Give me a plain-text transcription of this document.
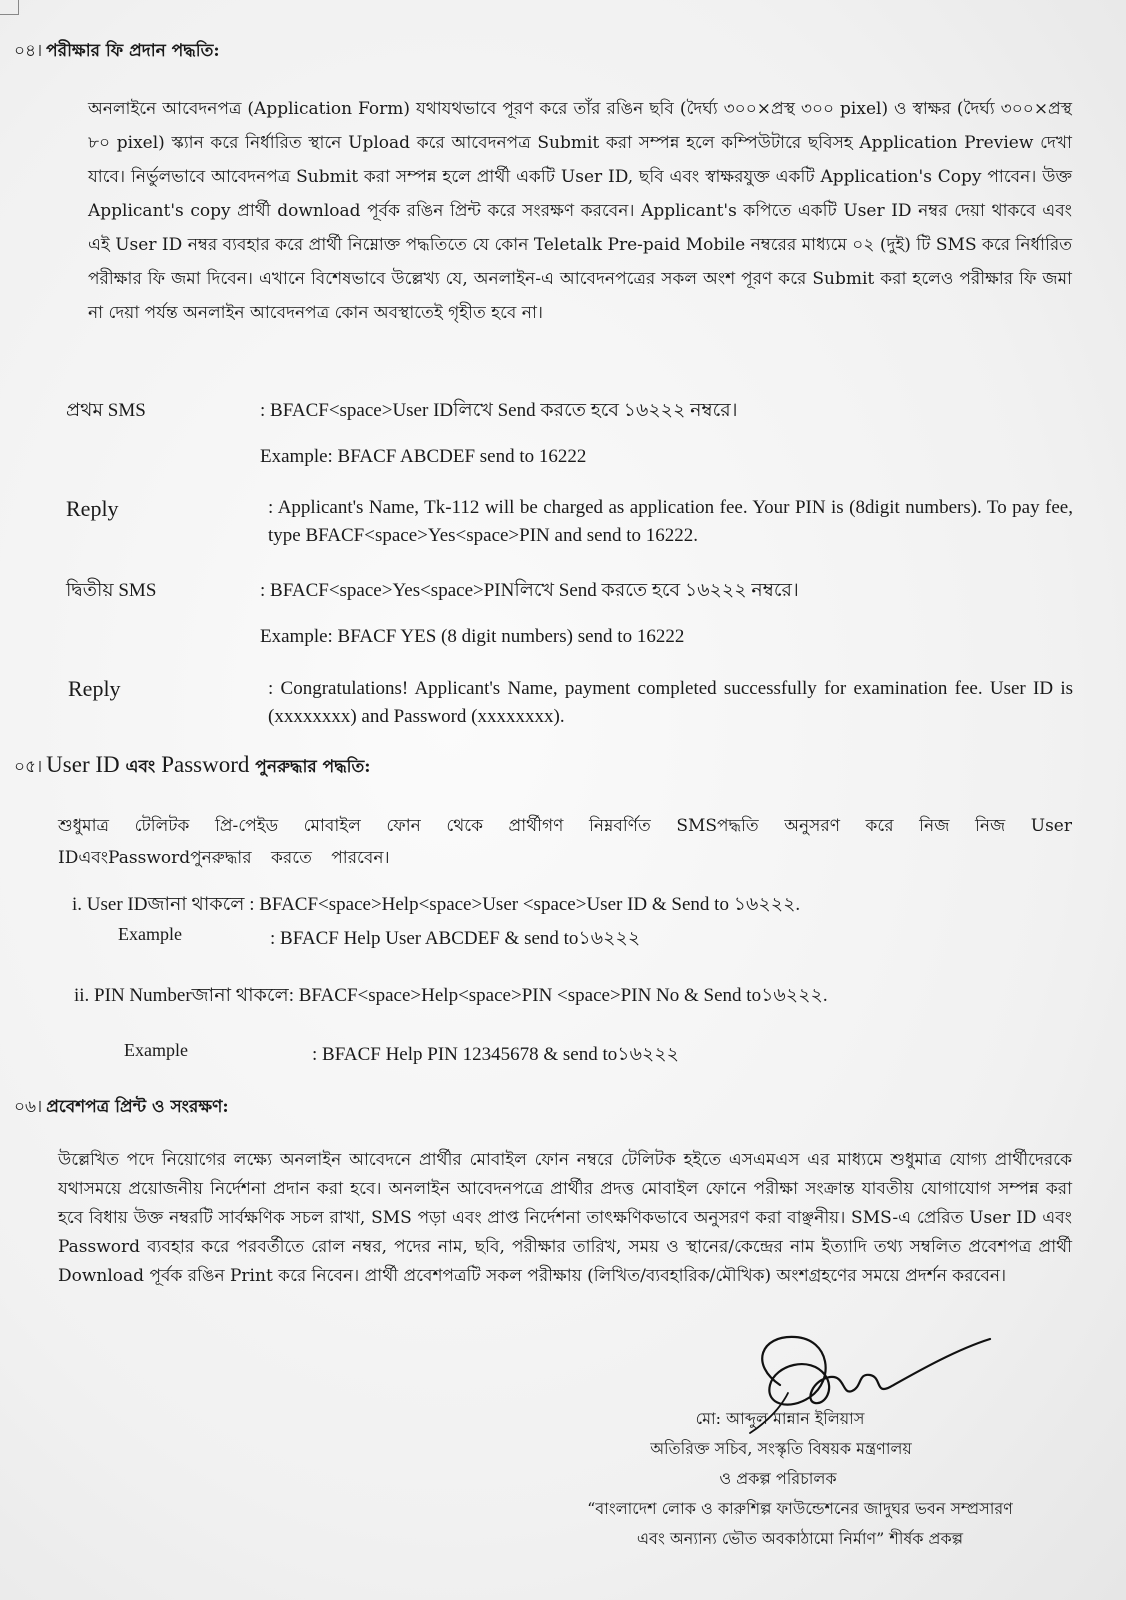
০৪। পরীক্ষার ফি প্রদান পদ্ধতি:
অনলাইনে আবেদনপত্র (Application Form) যথাযথভাবে পূরণ করে তাঁর রঙিন ছবি (দৈর্ঘ্য ৩০০×প্রস্থ ৩০০ pixel) ও স্বাক্ষর (দৈর্ঘ্য ৩০০×প্রস্থ ৮০ pixel) স্ক্যান করে নির্ধারিত স্থানে Upload করে আবেদনপত্র Submit করা সম্পন্ন হলে কম্পিউটারে ছবিসহ Application Preview দেখা যাবে। নির্ভুলভাবে আবেদনপত্র Submit করা সম্পন্ন হলে প্রার্থী একটি User ID, ছবি এবং স্বাক্ষরযুক্ত একটি Application's Copy পাবেন। উক্ত Applicant's copy প্রার্থী download পূর্বক রঙিন প্রিন্ট করে সংরক্ষণ করবেন। Applicant's কপিতে একটি User ID নম্বর দেয়া থাকবে এবং এই User ID নম্বর ব্যবহার করে প্রার্থী নিম্নোক্ত পদ্ধতিতে যে কোন Teletalk Pre-paid Mobile নম্বরের মাধ্যমে ০২ (দুই) টি SMS করে নির্ধারিত পরীক্ষার ফি জমা দিবেন। এখানে বিশেষভাবে উল্লেখ্য যে, অনলাইন-এ আবেদনপত্রের সকল অংশ পূরণ করে Submit করা হলেও পরীক্ষার ফি জমা না দেয়া পর্যন্ত অনলাইন আবেদনপত্র কোন অবস্থাতেই গৃহীত হবে না।
প্রথম SMS	: BFACF<space>User IDলিখে Send করতে হবে ১৬২২২ নম্বরে।
Example: BFACF ABCDEF send to 16222
Reply	: Applicant's Name, Tk-112 will be charged as application fee. Your PIN is (8digit numbers). To pay fee, type BFACF<space>Yes<space>PIN and send to 16222.
দ্বিতীয় SMS	: BFACF<space>Yes<space>PINলিখে Send করতে হবে ১৬২২২ নম্বরে।
Example: BFACF YES (8 digit numbers) send to 16222
Reply	: Congratulations! Applicant's Name, payment completed successfully for examination fee. User ID is (xxxxxxxx) and Password (xxxxxxxx).
০৫। User ID এবং Password পুনরুদ্ধার পদ্ধতি:
শুধুমাত্র টেলিটক প্রি-পেইড মোবাইল ফোন থেকে প্রার্থীগণ নিম্নবর্ণিত SMSপদ্ধতি অনুসরণ করে নিজ নিজ User IDএবংPasswordপুনরুদ্ধার করতে পারবেন।
i. User IDজানা থাকলে : BFACF<space>Help<space>User <space>User ID & Send to ১৬২২২.
Example	: BFACF Help User ABCDEF & send to১৬২২২
ii. PIN Numberজানা থাকলে: BFACF<space>Help<space>PIN <space>PIN No & Send to১৬২২২.
Example	: BFACF Help PIN 12345678 & send to১৬২২২
০৬। প্রবেশপত্র প্রিন্ট ও সংরক্ষণ:
উল্লেখিত পদে নিয়োগের লক্ষ্যে অনলাইন আবেদনে প্রার্থীর মোবাইল ফোন নম্বরে টেলিটক হইতে এসএমএস এর মাধ্যমে শুধুমাত্র যোগ্য প্রার্থীদেরকে যথাসময়ে প্রয়োজনীয় নির্দেশনা প্রদান করা হবে। অনলাইন আবেদনপত্রে প্রার্থীর প্রদত্ত মোবাইল ফোনে পরীক্ষা সংক্রান্ত যাবতীয় যোগাযোগ সম্পন্ন করা হবে বিধায় উক্ত নম্বরটি সার্বক্ষণিক সচল রাখা, SMS পড়া এবং প্রাপ্ত নির্দেশনা তাৎক্ষণিকভাবে অনুসরণ করা বাঞ্ছনীয়। SMS-এ প্রেরিত User ID এবং Password ব্যবহার করে পরবর্তীতে রোল নম্বর, পদের নাম, ছবি, পরীক্ষার তারিখ, সময় ও স্থানের/কেন্দ্রের নাম ইত্যাদি তথ্য সম্বলিত প্রবেশপত্র প্রার্থী Download পূর্বক রঙিন Print করে নিবেন। প্রার্থী প্রবেশপত্রটি সকল পরীক্ষায় (লিখিত/ব্যবহারিক/মৌখিক) অংশগ্রহণের সময়ে প্রদর্শন করবেন।
মো: আব্দুল মান্নান ইলিয়াস
অতিরিক্ত সচিব, সংস্কৃতি বিষয়ক মন্ত্রণালয়
ও প্রকল্প পরিচালক
“বাংলাদেশ লোক ও কারুশিল্প ফাউন্ডেশনের জাদুঘর ভবন সম্প্রসারণ
এবং অন্যান্য ভৌত অবকাঠামো নির্মাণ” শীর্ষক প্রকল্প
